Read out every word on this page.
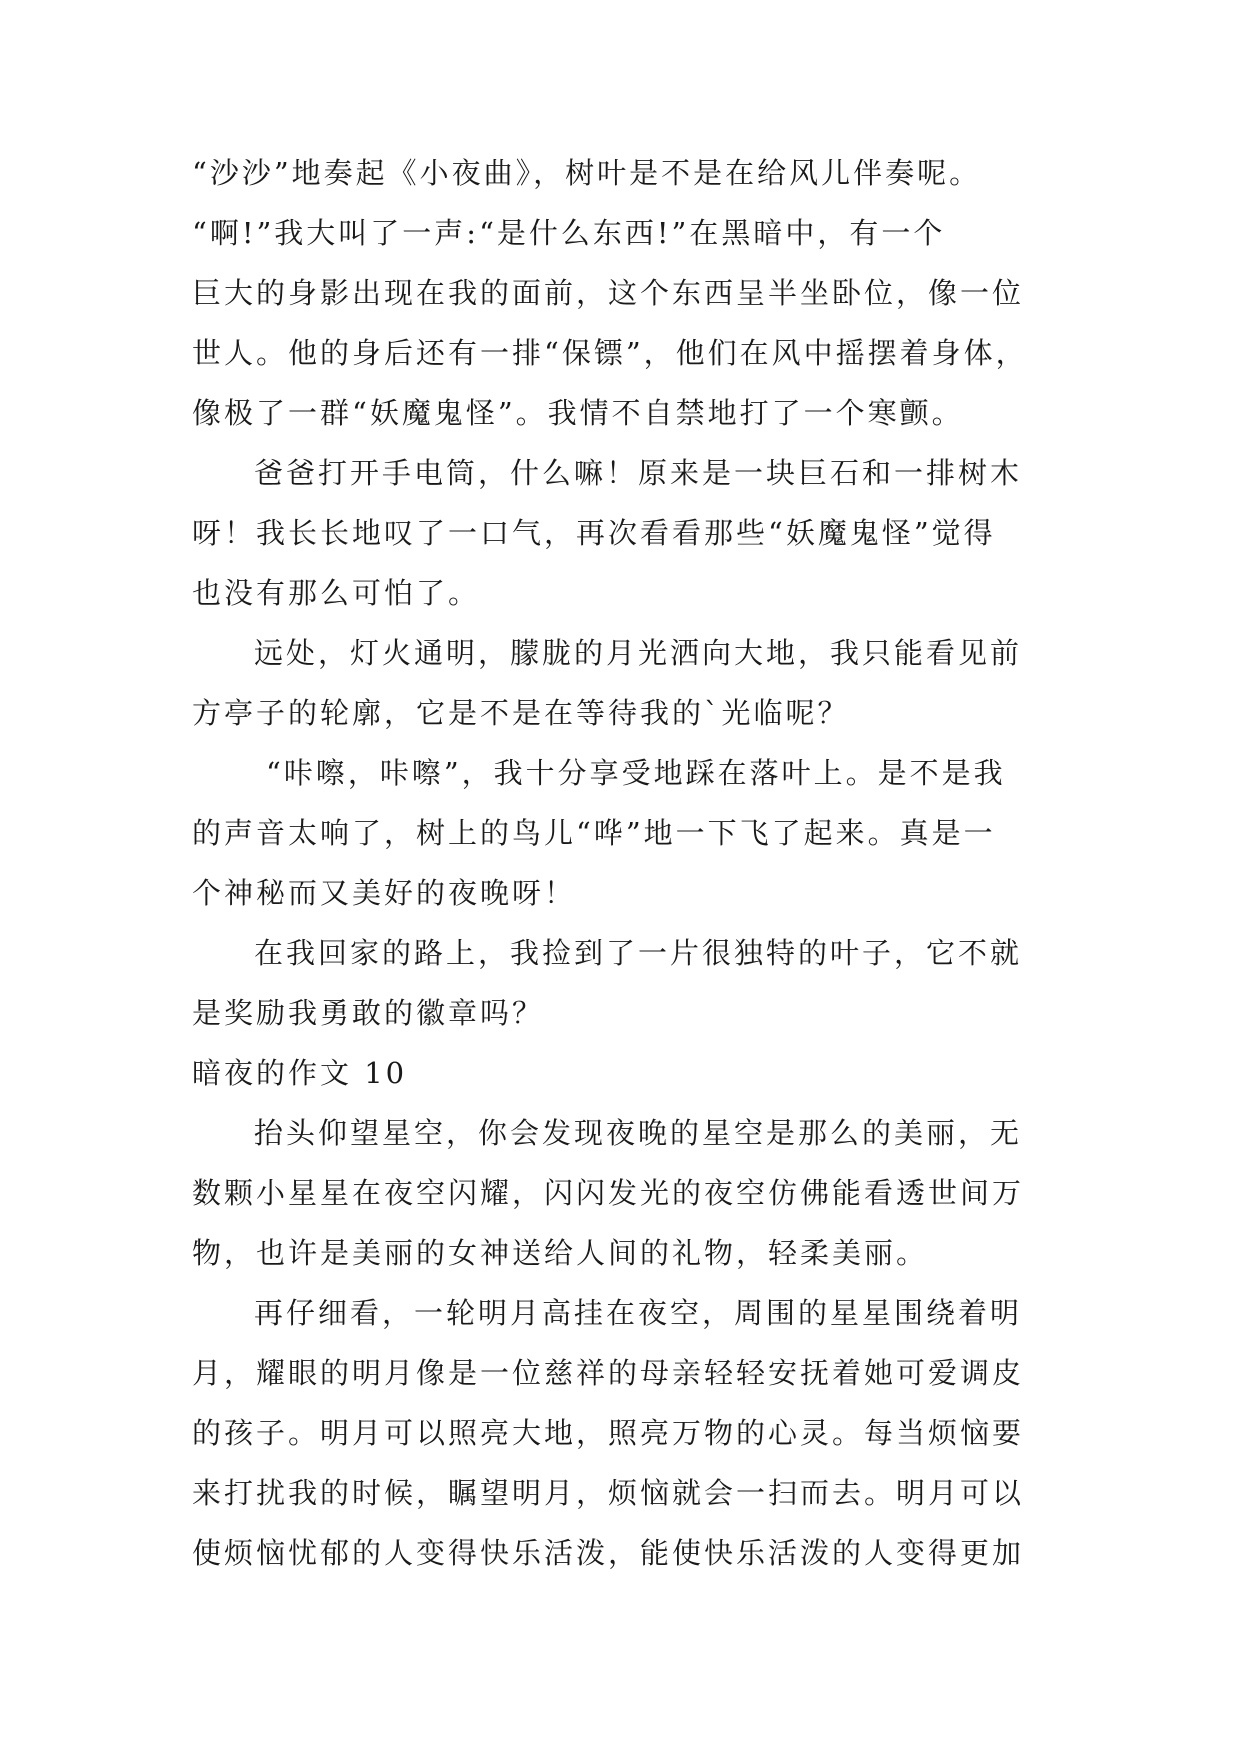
“沙沙”地奏起《小夜曲》，树叶是不是在给风儿伴奏呢。
“啊!”我大叫了一声:“是什么东西!”在黑暗中，有一个
巨大的身影出现在我的面前，这个东西呈半坐卧位，像一位
世人。他的身后还有一排“保镖”，他们在风中摇摆着身体，
像极了一群“妖魔鬼怪”。我情不自禁地打了一个寒颤。
爸爸打开手电筒，什么嘛！原来是一块巨石和一排树木
呀！我长长地叹了一口气，再次看看那些“妖魔鬼怪”觉得
也没有那么可怕了。
远处，灯火通明，朦胧的月光洒向大地，我只能看见前
方亭子的轮廓，它是不是在等待我的`光临呢？
“咔嚓，咔嚓”，我十分享受地踩在落叶上。是不是我
的声音太响了，树上的鸟儿“哗”地一下飞了起来。真是一
个神秘而又美好的夜晚呀！
在我回家的路上，我捡到了一片很独特的叶子，它不就
是奖励我勇敢的徽章吗？
暗夜的作文 10
抬头仰望星空，你会发现夜晚的星空是那么的美丽，无
数颗小星星在夜空闪耀，闪闪发光的夜空仿佛能看透世间万
物，也许是美丽的女神送给人间的礼物，轻柔美丽。
再仔细看，一轮明月高挂在夜空，周围的星星围绕着明
月，耀眼的明月像是一位慈祥的母亲轻轻安抚着她可爱调皮
的孩子。明月可以照亮大地，照亮万物的心灵。每当烦恼要
来打扰我的时候，瞩望明月，烦恼就会一扫而去。明月可以
使烦恼忧郁的人变得快乐活泼，能使快乐活泼的人变得更加
